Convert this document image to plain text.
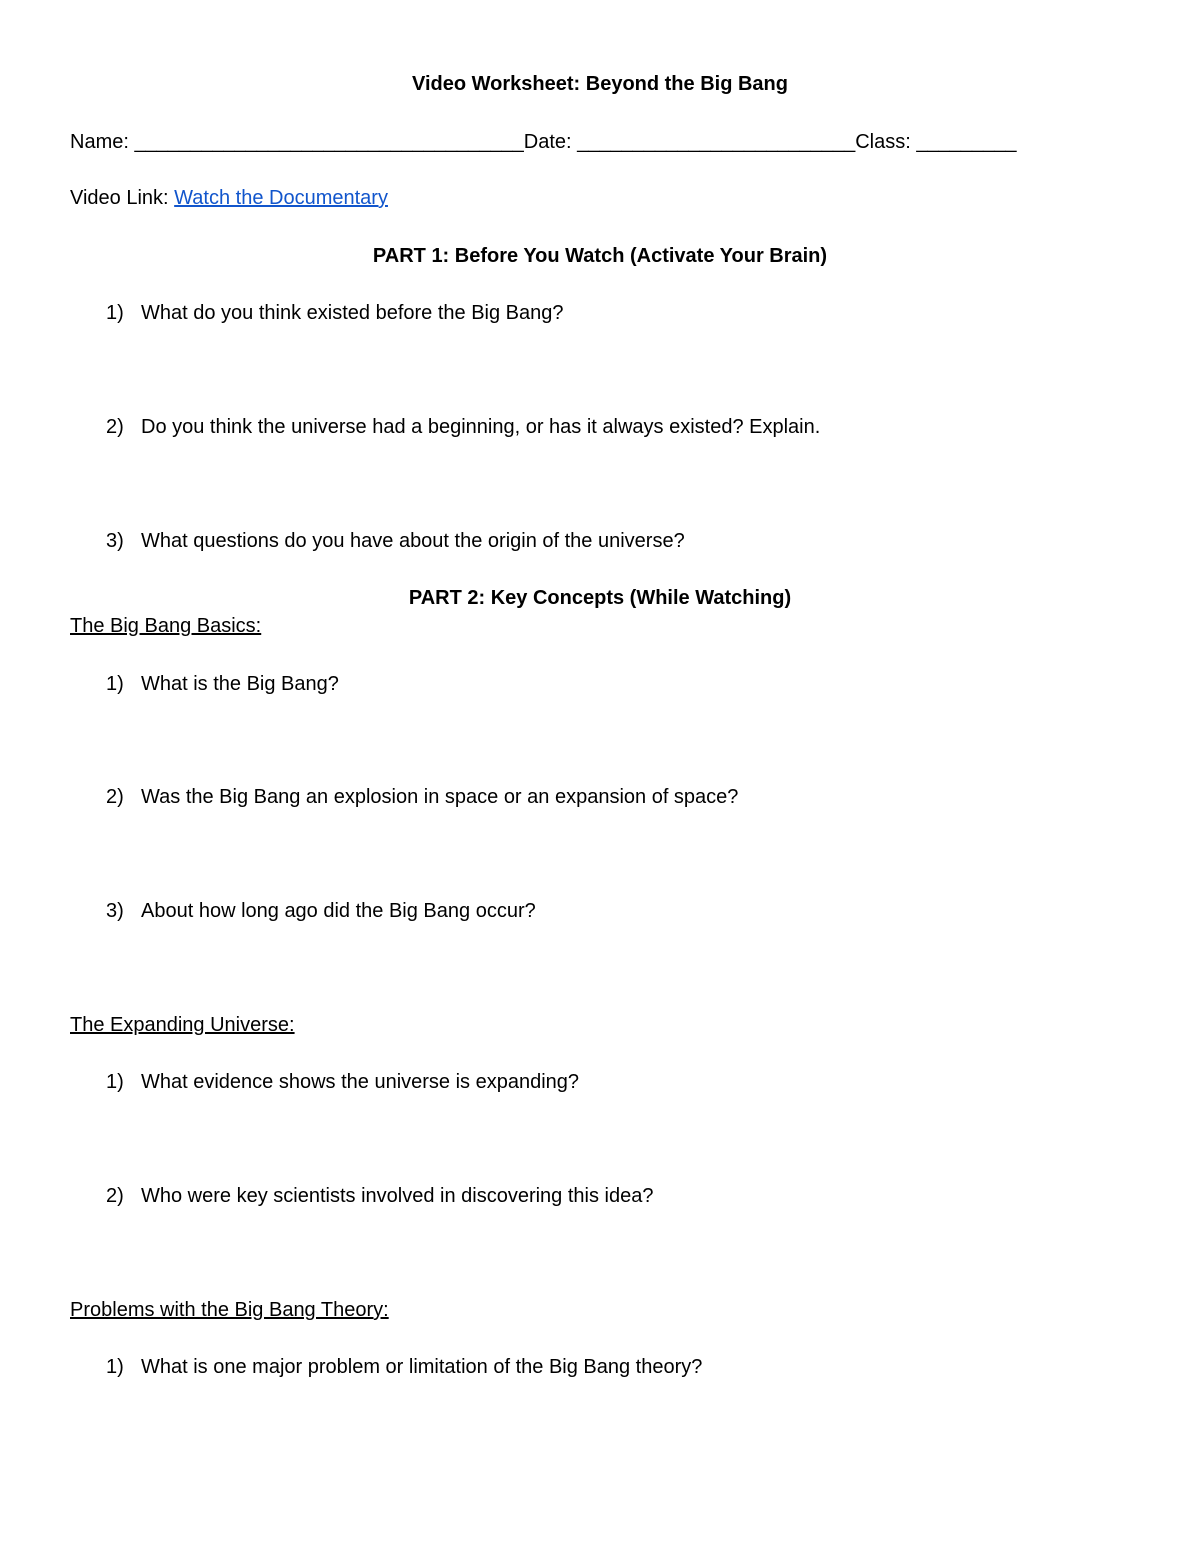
Video Worksheet: Beyond the Big Bang
Name: ___________________________________Date: _________________________Class: _________
Video Link: Watch the Documentary
PART 1: Before You Watch (Activate Your Brain)
1) What do you think existed before the Big Bang?
2) Do you think the universe had a beginning, or has it always existed? Explain.
3) What questions do you have about the origin of the universe?
PART 2: Key Concepts (While Watching)
The Big Bang Basics:
1) What is the Big Bang?
2) Was the Big Bang an explosion in space or an expansion of space?
3) About how long ago did the Big Bang occur?
The Expanding Universe:
1) What evidence shows the universe is expanding?
2) Who were key scientists involved in discovering this idea?
Problems with the Big Bang Theory:
1) What is one major problem or limitation of the Big Bang theory?
